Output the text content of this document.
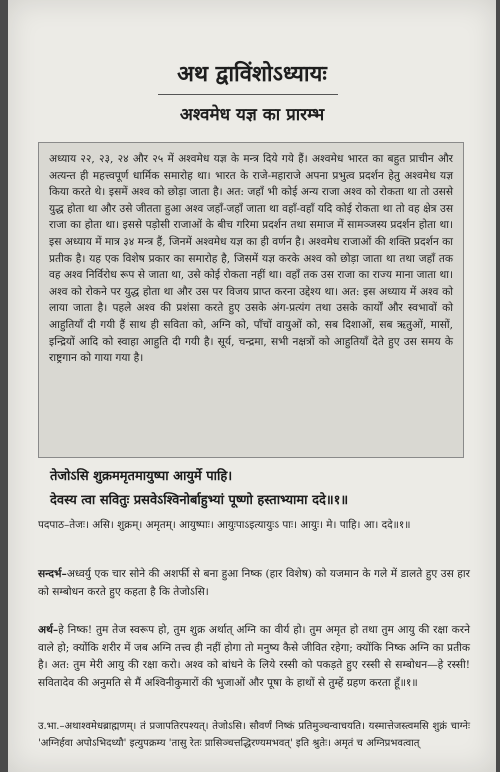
अथ द्वाविंशोऽध्यायः
अश्वमेध यज्ञ का प्रारम्भ
अध्याय २२, २३, २४ और २५ में अश्वमेध यज्ञ के मन्त्र दिये गये हैं। अश्वमेध भारत का बहुत प्राचीन और अत्यन्त ही महत्त्वपूर्ण धार्मिक समारोह था। भारत के राजे-महाराजे अपना प्रभुत्व प्रदर्शन हेतु अश्वमेध यज्ञ किया करते थे। इसमें अश्व को छोड़ा जाता है। अत: जहाँ भी कोई अन्य राजा अश्व को रोकता था तो उससे युद्ध होता था और उसे जीतता हुआ अश्व जहाँ-जहाँ जाता था वहाँ-वहाँ यदि कोई रोकता था तो वह क्षेत्र उस राजा का होता था। इससे पड़ोसी राजाओं के बीच गरिमा प्रदर्शन तथा समाज में सामञ्जस्य प्रदर्शन होता था। इस अध्याय में मात्र ३४ मन्त्र हैं, जिनमें अश्वमेध यज्ञ का ही वर्णन है। अश्वमेध राजाओं की शक्ति प्रदर्शन का प्रतीक है। यह एक विशेष प्रकार का समारोह है, जिसमें यज्ञ करके अश्व को छोड़ा जाता था तथा जहाँ तक वह अश्व निर्विरोध रूप से जाता था, उसे कोई रोकता नहीं था। वहाँ तक उस राजा का राज्य माना जाता था। अश्व को रोकने पर युद्ध होता था और उस पर विजय प्राप्त करना उद्देश्य था। अत: इस अध्याय में अश्व को लाया जाता है। पहले अश्व की प्रशंसा करते हुए उसके अंग-प्रत्यंग तथा उसके कार्यों और स्वभावों को आहुतियाँ दी गयी हैं साथ ही सविता को, अग्नि को, पाँचों वायुओं को, सब दिशाओं, सब ऋतुओं, मासों, इन्द्रियों आदि को स्वाहा आहुति दी गयी है। सूर्य, चन्द्रमा, सभी नक्षत्रों को आहुतियाँ देते हुए उस समय के राष्ट्रगान को गाया गया है।
तेजोऽसि शुक्रममृतमायुष्पा आयुर्मे पाहि।
देवस्य त्वा सवितुः प्रसवेऽश्विनोर्बाहुभ्यां पूष्णो हस्ताभ्यामा ददे॥१॥
पदपाठ–तेजः। असि। शुक्रम्। अमृतम्। आयुष्पाः। आयुःपाऽइत्यायुःऽ पाः। आयुः। मे। पाहि। आ। ददे॥१॥
सन्दर्भ–अध्वर्यु एक चार सोने की अशर्फी से बना हुआ निष्क (हार विशेष) को यजमान के गले में डालते हुए उस हार को सम्बोधन करते हुए कहता है कि तेजोऽसि।
अर्थ–हे निष्क! तुम तेज स्वरूप हो, तुम शुक्र अर्थात् अग्नि का वीर्य हो। तुम अमृत हो तथा तुम आयु की रक्षा करने वाले हो; क्योंकि शरीर में जब अग्नि तत्त्व ही नहीं होगा तो मनुष्य कैसे जीवित रहेगा; क्योंकि निष्क अग्नि का प्रतीक है। अत: तुम मेरी आयु की रक्षा करो। अश्व को बांधने के लिये रस्सी को पकड़ते हुए रस्सी से सम्बोधन—हे रस्सी! सवितादेव की अनुमति से मैं अश्विनीकुमारों की भुजाओं और पूषा के हाथों से तुम्हें ग्रहण करता हूँ॥१॥
उ.भा.–अथाश्वमेधब्राह्मणम्। तं प्रजापतिरपश्यत्। तेजोऽसि। सौवर्णं निष्कं प्रतिमुञ्चन्वाचयति। यस्मात्तेजस्त्वमसि शुक्रं चाग्नेः 'अग्निर्हवा अपोऽभिदध्यौ' इत्युपक्रम्य 'तासु रेतः प्रासिञ्चत्तद्धिरण्यमभवत्' इति श्रुतेः। अमृतं च अग्निप्रभवत्वात्
